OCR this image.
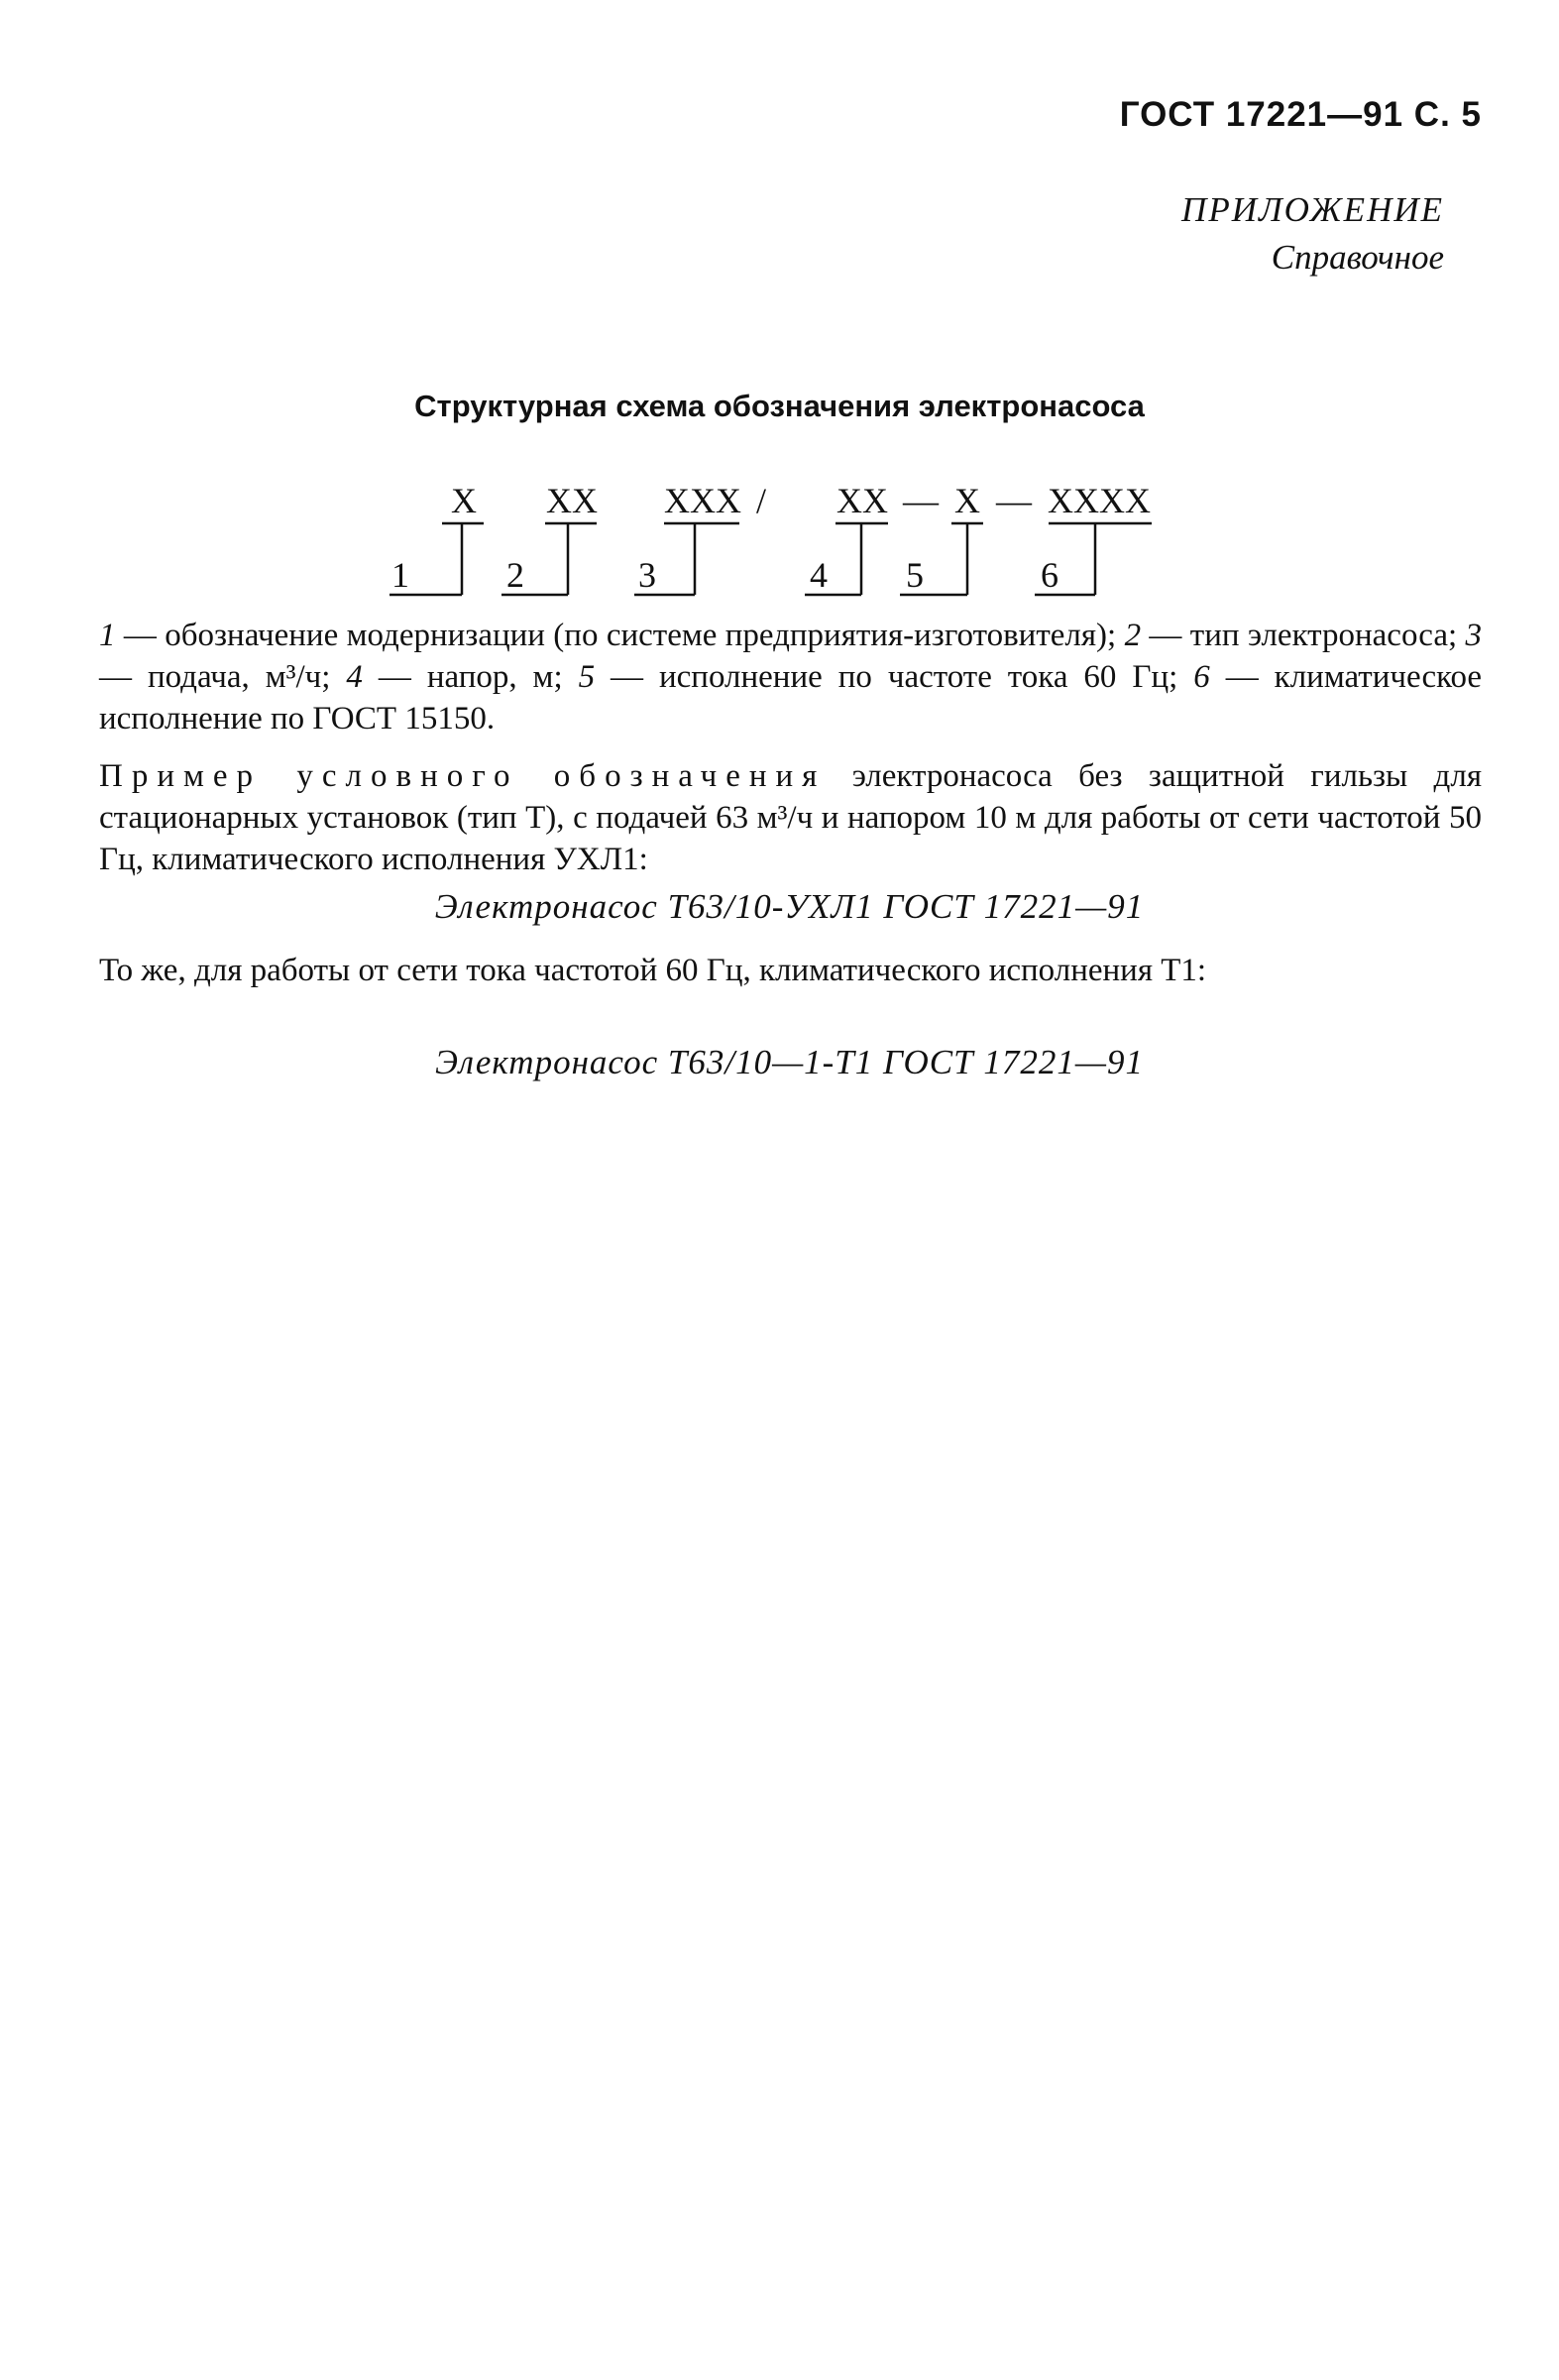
ГОСТ 17221—91 С. 5
ПРИЛОЖЕНИЕ
Справочное
Структурная схема обозначения электронасоса
X XX XXX / XX — X — XXXX
1	2	3	4 5	6
1 — обозначение модернизации (по системе предприятия-изготовителя); 2 — тип электронасоса; 3 — подача, м³/ч; 4 — напор, м; 5 — исполнение по частоте тока 60 Гц; 6 — климатическое исполнение по ГОСТ 15150.
Пример условного обозначения электронасоса без защитной гильзы для стационарных установок (тип Т), с подачей 63 м³/ч и напором 10 м для работы от сети частотой 50 Гц, климатического исполнения УХЛ1:
Электронасос Т63/10-УХЛ1 ГОСТ 17221—91
То же, для работы от сети тока частотой 60 Гц, климатического исполнения Т1:
Электронасос Т63/10—1-Т1 ГОСТ 17221—91
